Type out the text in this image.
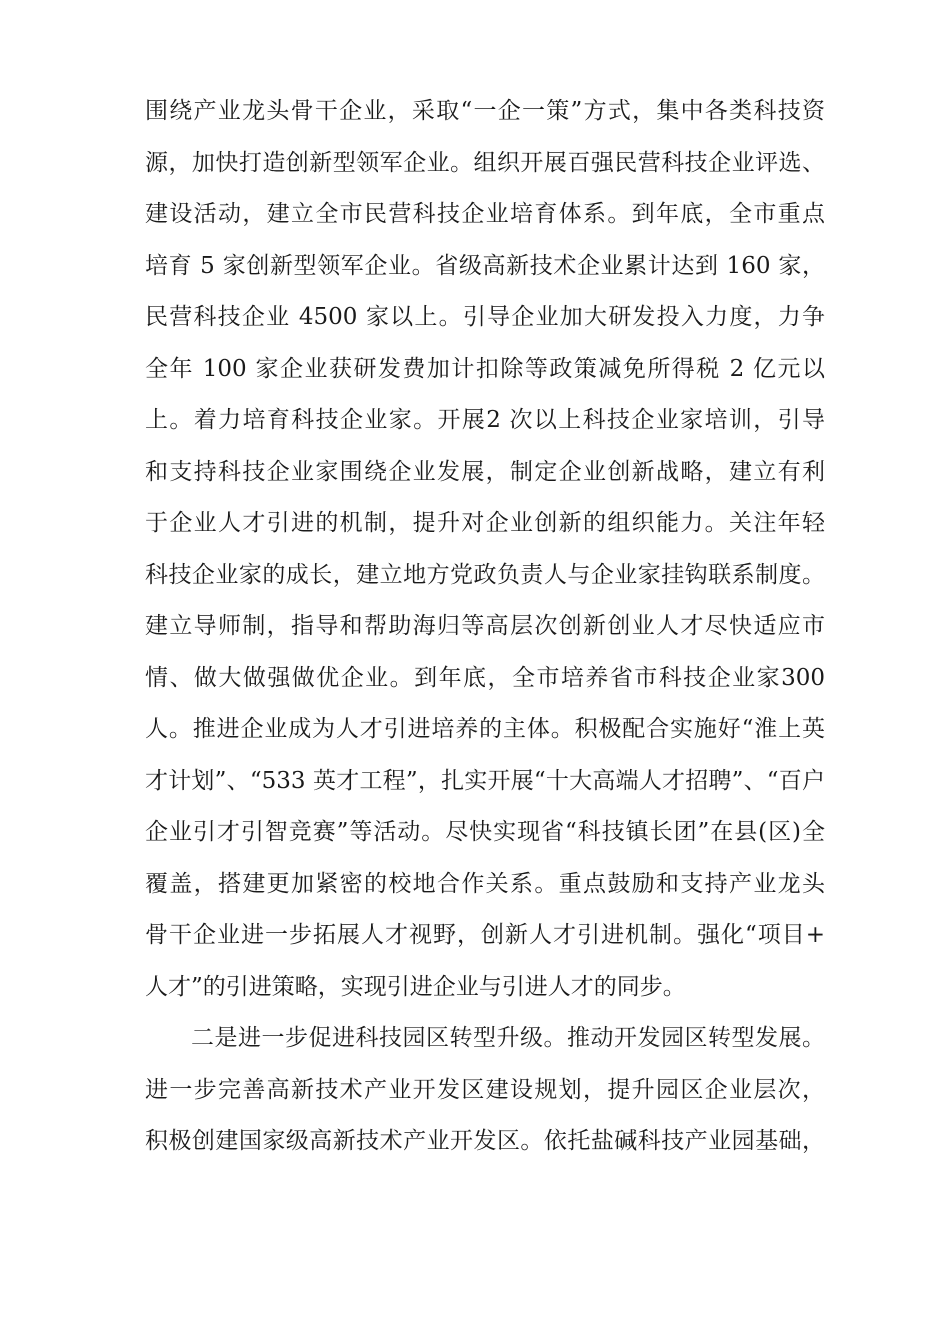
围绕产业龙头骨干企业，采取“一企一策”方式，集中各类科技资
源，加快打造创新型领军企业。组织开展百强民营科技企业评选、
建设活动，建立全市民营科技企业培育体系。到年底，全市重点
培育 5 家创新型领军企业。省级高新技术企业累计达到 160 家，
民营科技企业 4500 家以上。引导企业加大研发投入力度，力争
全年 100 家企业获研发费加计扣除等政策减免所得税 2 亿元以
上。着力培育科技企业家。开展2 次以上科技企业家培训，引导
和支持科技企业家围绕企业发展，制定企业创新战略，建立有利
于企业人才引进的机制，提升对企业创新的组织能力。关注年轻
科技企业家的成长，建立地方党政负责人与企业家挂钩联系制度。
建立导师制，指导和帮助海归等高层次创新创业人才尽快适应市
情、做大做强做优企业。到年底，全市培养省市科技企业家300
人。推进企业成为人才引进培养的主体。积极配合实施好“淮上英
才计划”、“533 英才工程”，扎实开展“十大高端人才招聘”、“百户
企业引才引智竞赛”等活动。尽快实现省“科技镇长团”在县(区)全
覆盖，搭建更加紧密的校地合作关系。重点鼓励和支持产业龙头
骨干企业进一步拓展人才视野，创新人才引进机制。强化“项目+
人才”的引进策略，实现引进企业与引进人才的同步。
二是进一步促进科技园区转型升级。推动开发园区转型发展。
进一步完善高新技术产业开发区建设规划，提升园区企业层次，
积极创建国家级高新技术产业开发区。依托盐碱科技产业园基础，
